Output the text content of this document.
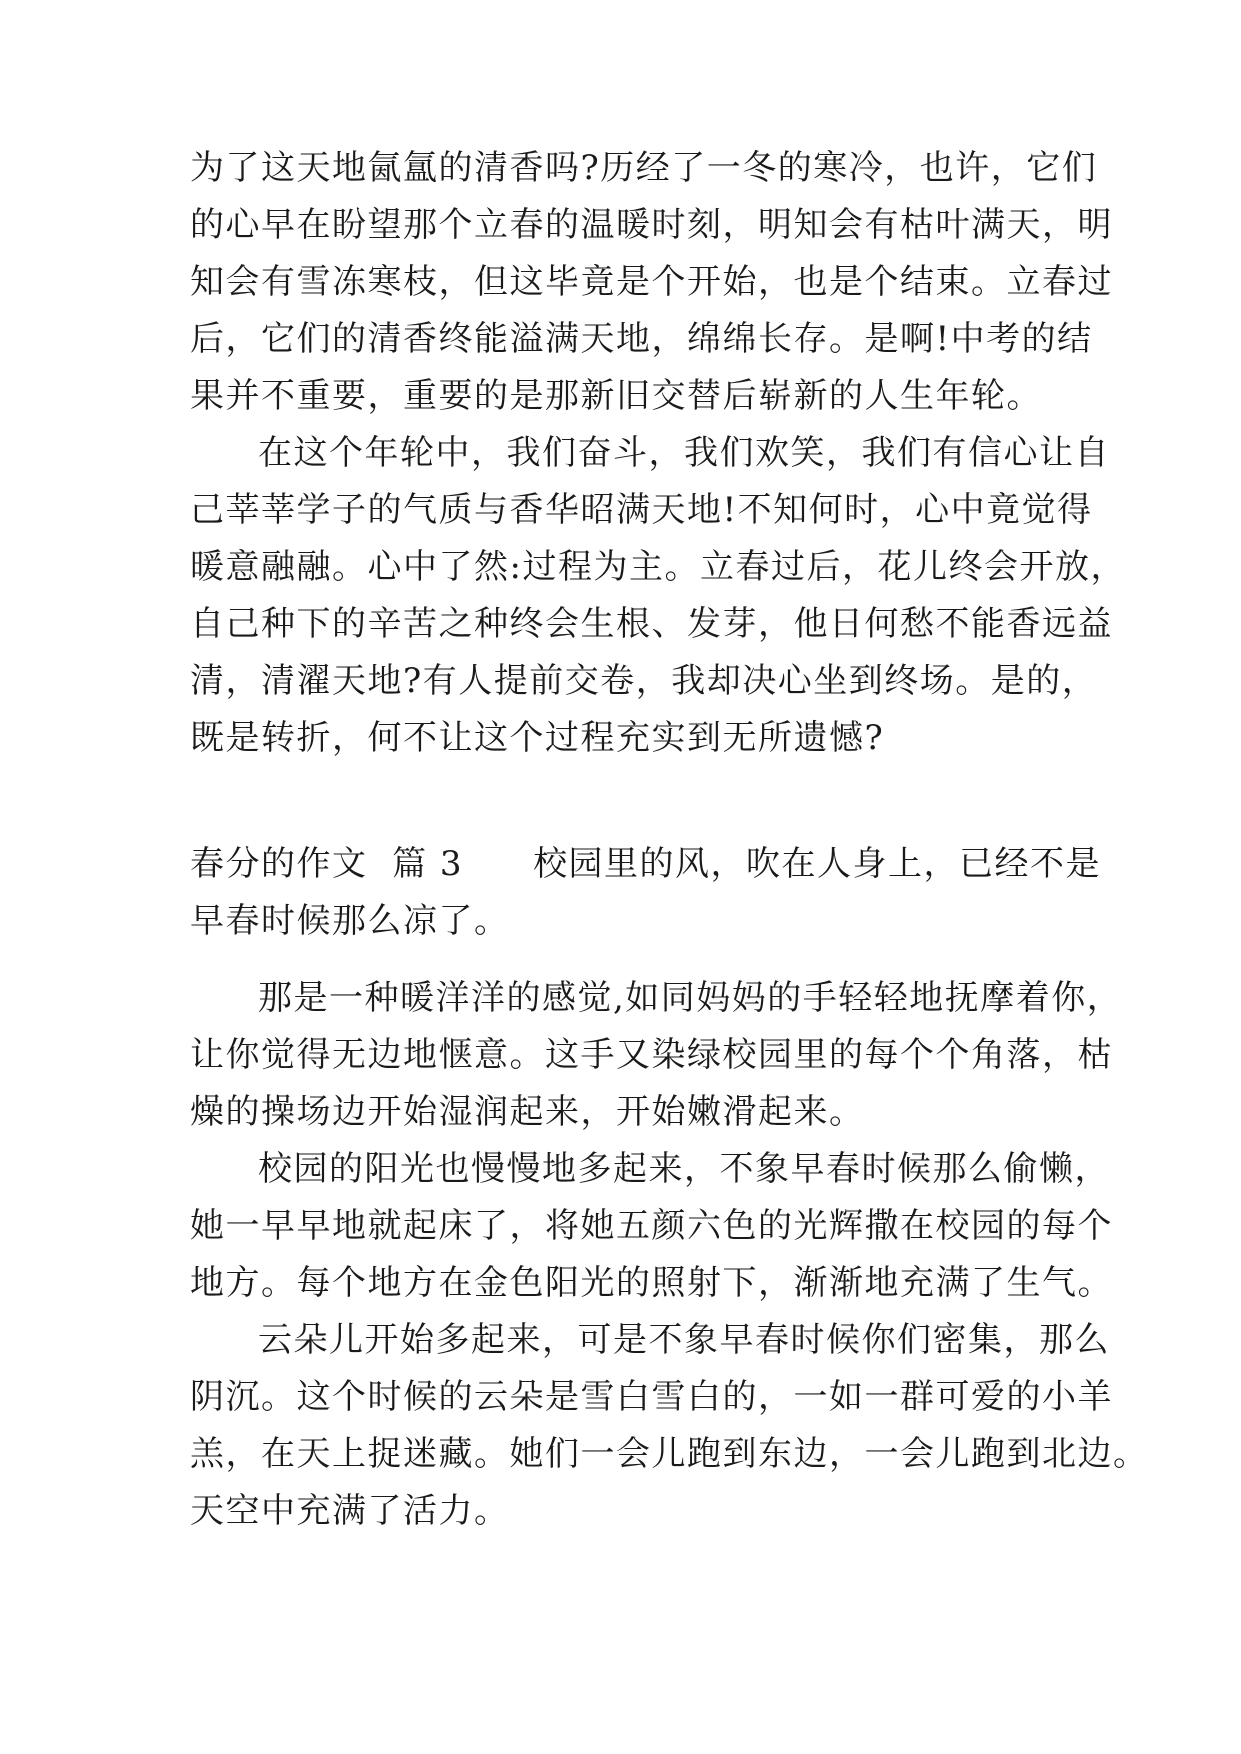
为了这天地氤氲的清香吗?历经了一冬的寒冷，也许，它们
的心早在盼望那个立春的温暖时刻，明知会有枯叶满天，明
知会有雪冻寒枝，但这毕竟是个开始，也是个结束。立春过
后，它们的清香终能溢满天地，绵绵长存。是啊!中考的结
果并不重要，重要的是那新旧交替后崭新的人生年轮。
在这个年轮中，我们奋斗，我们欢笑，我们有信心让自
己莘莘学子的气质与香华昭满天地!不知何时，心中竟觉得
暖意融融。心中了然:过程为主。立春过后，花儿终会开放，
自己种下的辛苦之种终会生根、发芽，他日何愁不能香远益
清，清濯天地?有人提前交卷，我却决心坐到终场。是的，
既是转折，何不让这个过程充实到无所遗憾?
春分的作文  篇 3 校园里的风，吹在人身上，已经不是
早春时候那么凉了。
那是一种暖洋洋的感觉,如同妈妈的手轻轻地抚摩着你，
让你觉得无边地惬意。这手又染绿校园里的每个个角落，枯
燥的操场边开始湿润起来，开始嫩滑起来。
校园的阳光也慢慢地多起来，不象早春时候那么偷懒，
她一早早地就起床了，将她五颜六色的光辉撒在校园的每个
地方。每个地方在金色阳光的照射下，渐渐地充满了生气。
云朵儿开始多起来，可是不象早春时候你们密集，那么
阴沉。这个时候的云朵是雪白雪白的，一如一群可爱的小羊
羔，在天上捉迷藏。她们一会儿跑到东边，一会儿跑到北边。
天空中充满了活力。
